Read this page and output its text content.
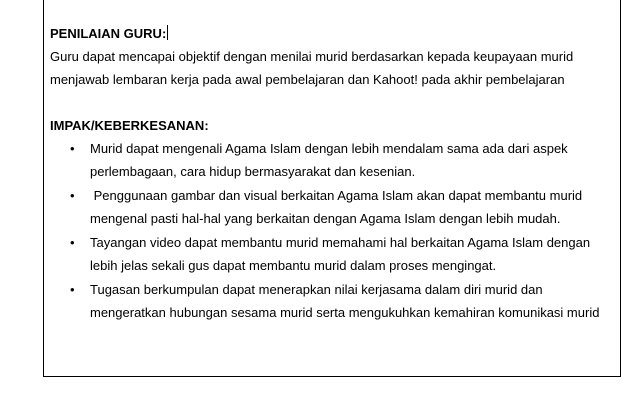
PENILAIAN GURU:

Guru dapat mencapai objektif dengan menilai murid berdasarkan kepada keupayaan murid menjawab lembaran kerja pada awal pembelajaran dan Kahoot! pada akhir pembelajaran

IMPAK/KEBERKESANAN:

• Murid dapat mengenali Agama Islam dengan lebih mendalam sama ada dari aspek perlembagaan, cara hidup bermasyarakat dan kesenian.
• Penggunaan gambar dan visual berkaitan Agama Islam akan dapat membantu murid mengenal pasti hal-hal yang berkaitan dengan Agama Islam dengan lebih mudah.
• Tayangan video dapat membantu murid memahami hal berkaitan Agama Islam dengan lebih jelas sekali gus dapat membantu murid dalam proses mengingat.
• Tugasan berkumpulan dapat menerapkan nilai kerjasama dalam diri murid dan mengeratkan hubungan sesama murid serta mengukuhkan kemahiran komunikasi murid
